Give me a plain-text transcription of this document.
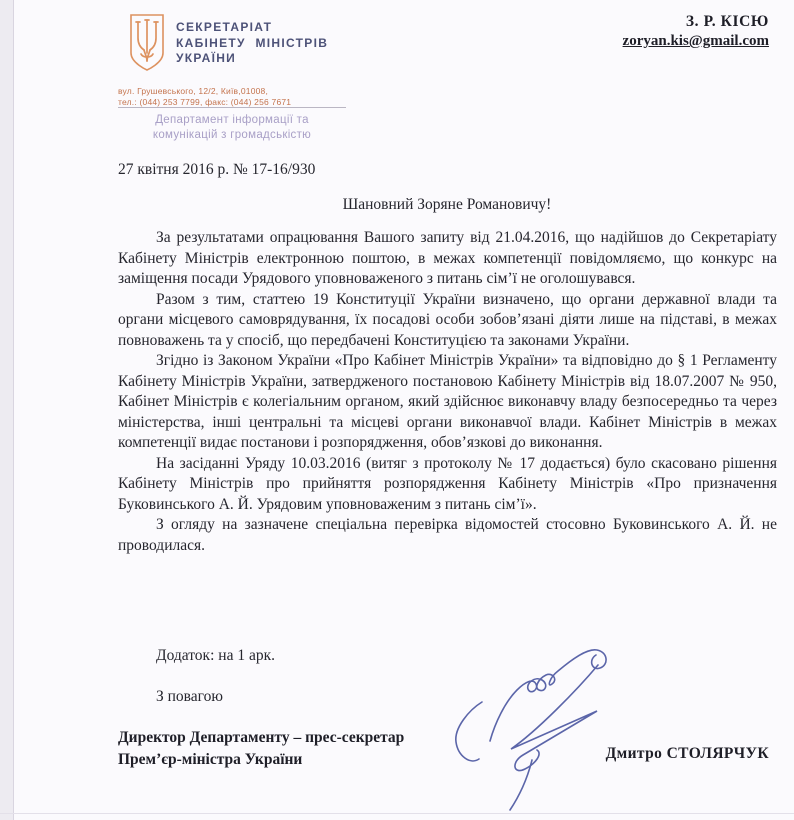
СЕКРЕТАРІАТ
КАБІНЕТУ МІНІСТРІВ
УКРАЇНИ
вул. Грушевського, 12/2, Київ,01008,
тел.: (044) 253 7799, факс: (044) 256 7671
Департамент інформації та
комунікацій з громадськістю
З. Р. КІСЮ
zoryan.kis@gmail.com
27 квітня 2016 р. № 17-16/930
Шановний Зоряне Романовичу!

За результатами опрацювання Вашого запиту від 21.04.2016, що надійшов до Секретаріату Кабінету Міністрів електронною поштою, в межах компетенції повідомляємо, що конкурс на заміщення посади Урядового уповноваженого з питань сім’ї не оголошувався.

Разом з тим, статтею 19 Конституції України визначено, що органи державної влади та органи місцевого самоврядування, їх посадові особи зобов’язані діяти лише на підставі, в межах повноважень та у спосіб, що передбачені Конституцією та законами України.

Згідно із Законом України «Про Кабінет Міністрів України» та відповідно до § 1 Регламенту Кабінету Міністрів України, затвердженого постановою Кабінету Міністрів від 18.07.2007 № 950, Кабінет Міністрів є колегіальним органом, який здійснює виконавчу владу безпосередньо та через міністерства, інші центральні та місцеві органи виконавчої влади. Кабінет Міністрів в межах компетенції видає постанови і розпорядження, обов’язкові до виконання.

На засіданні Уряду 10.03.2016 (витяг з протоколу № 17 додається) було скасовано рішення Кабінету Міністрів про прийняття розпорядження Кабінету Міністрів «Про призначення Буковинського А. Й. Урядовим уповноваженим з питань сім’ї».

З огляду на зазначене спеціальна перевірка відомостей стосовно Буковинського А. Й. не проводилася.

Додаток: на 1 арк.
З повагою
Директор Департаменту – прес-секретар
Прем’єр-міністра України	Дмитро СТОЛЯРЧУК
